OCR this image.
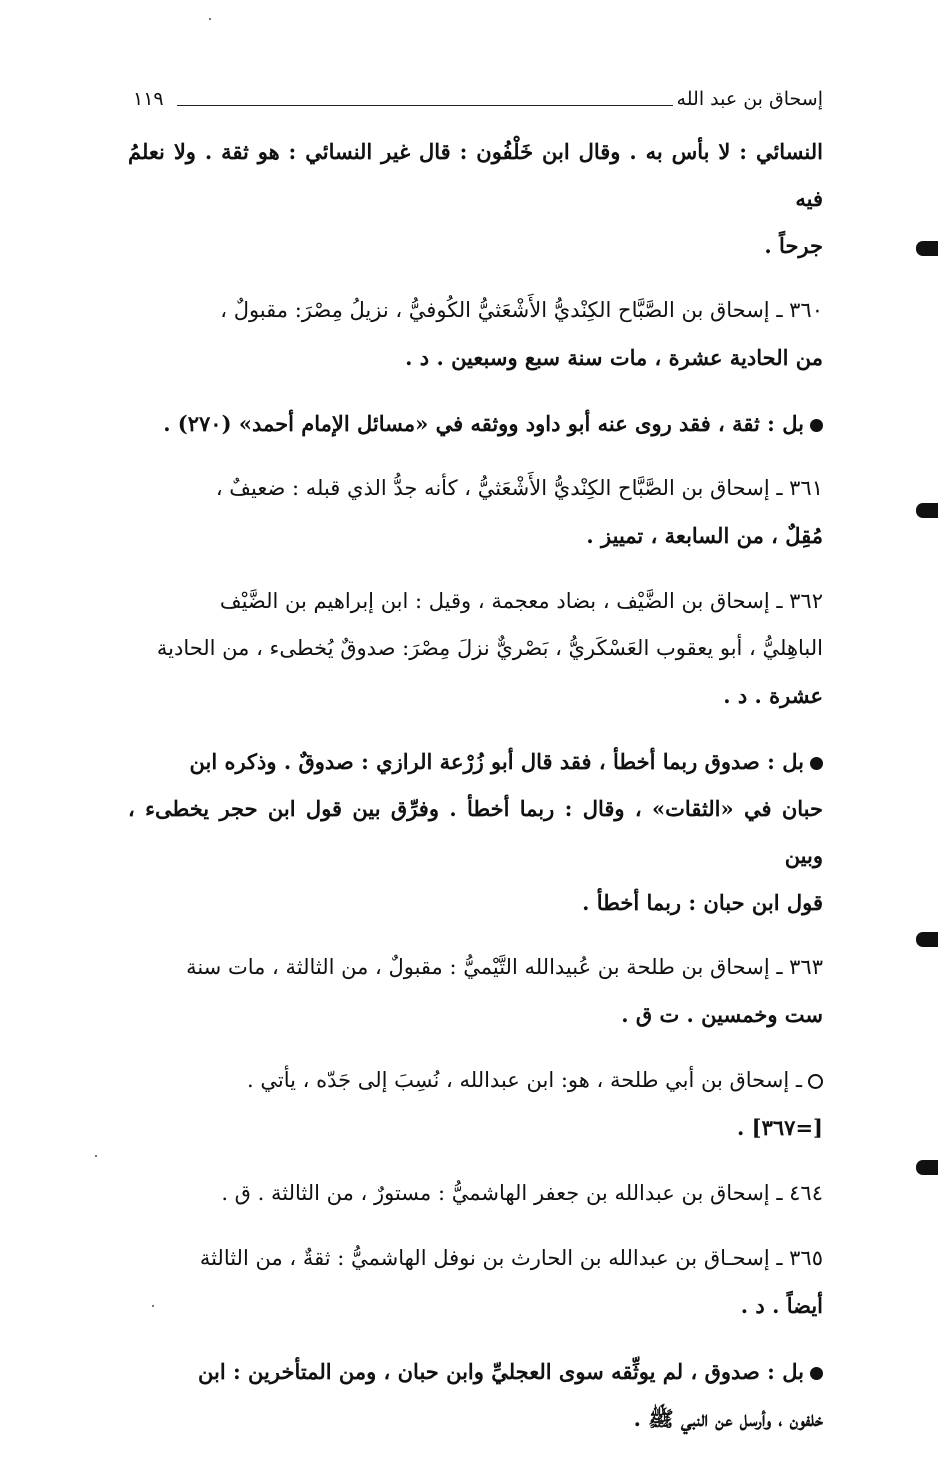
١١٩	إسحاق بن عبد الله
النسائي : لا بأس به . وقال ابن خَلْفُون : قال غير النسائي : هو ثقة . ولا نعلمُ فيه
جرحاً .
٣٦٠ ـ إسحاق بن الصَّبَّاح الكِنْديُّ الأَشْعَثيُّ الكُوفيُّ ، نزيلُ مِصْرَ: مقبولٌ ،
من الحادية عشرة ، مات سنة سبع وسبعين . د .
بل : ثقة ، فقد روى عنه أبو داود ووثقه في «مسائل الإمام أحمد» (٢٧٠) .
٣٦١ ـ إسحاق بن الصَّبَّاح الكِنْديُّ الأَشْعَثيُّ ، كأنه جدُّ الذي قبله : ضعيفٌ ،
مُقِلٌ ، من السابعة ، تمييز .
٣٦٢ ـ إسحاق بن الضَّيْف ، بضاد معجمة ، وقيل : ابن إبراهيم بن الضَّيْف
الباهِليُّ ، أبو يعقوب العَسْكَريُّ ، بَصْريٌّ نزلَ مِصْرَ: صدوقٌ يُخطىء ، من الحادية
عشرة . د .
بل : صدوق ربما أخطأ ، فقد قال أبو زُرْعة الرازي : صدوقٌ . وذكره ابن
حبان في «الثقات» ، وقال : ربما أخطأ . وفرِّق بين قول ابن حجر يخطىء ، وبين
قول ابن حبان : ربما أخطأ .
٣٦٣ ـ إسحاق بن طلحة بن عُبيدالله التَّيْميُّ : مقبولٌ ، من الثالثة ، مات سنة
ست وخمسين . ت ق .
ـ إسحاق بن أبي طلحة ، هو: ابن عبدالله ، نُسِبَ إلى جَدّه ، يأتي .
[=٣٦٧] .
٤٦٤ ـ إسحاق بن عبدالله بن جعفر الهاشميُّ : مستورٌ ، من الثالثة . ق .
٣٦٥ ـ إسحـاق بن عبدالله بن الحارث بن نوفل الهاشميُّ : ثقةٌ ، من الثالثة
أيضاً . د .
بل : صدوق ، لم يوثِّقه سوى العجليِّ وابن حبان ، ومن المتأخرين : ابن
خلفون ، وأرسل عن النبي ﷺ .
